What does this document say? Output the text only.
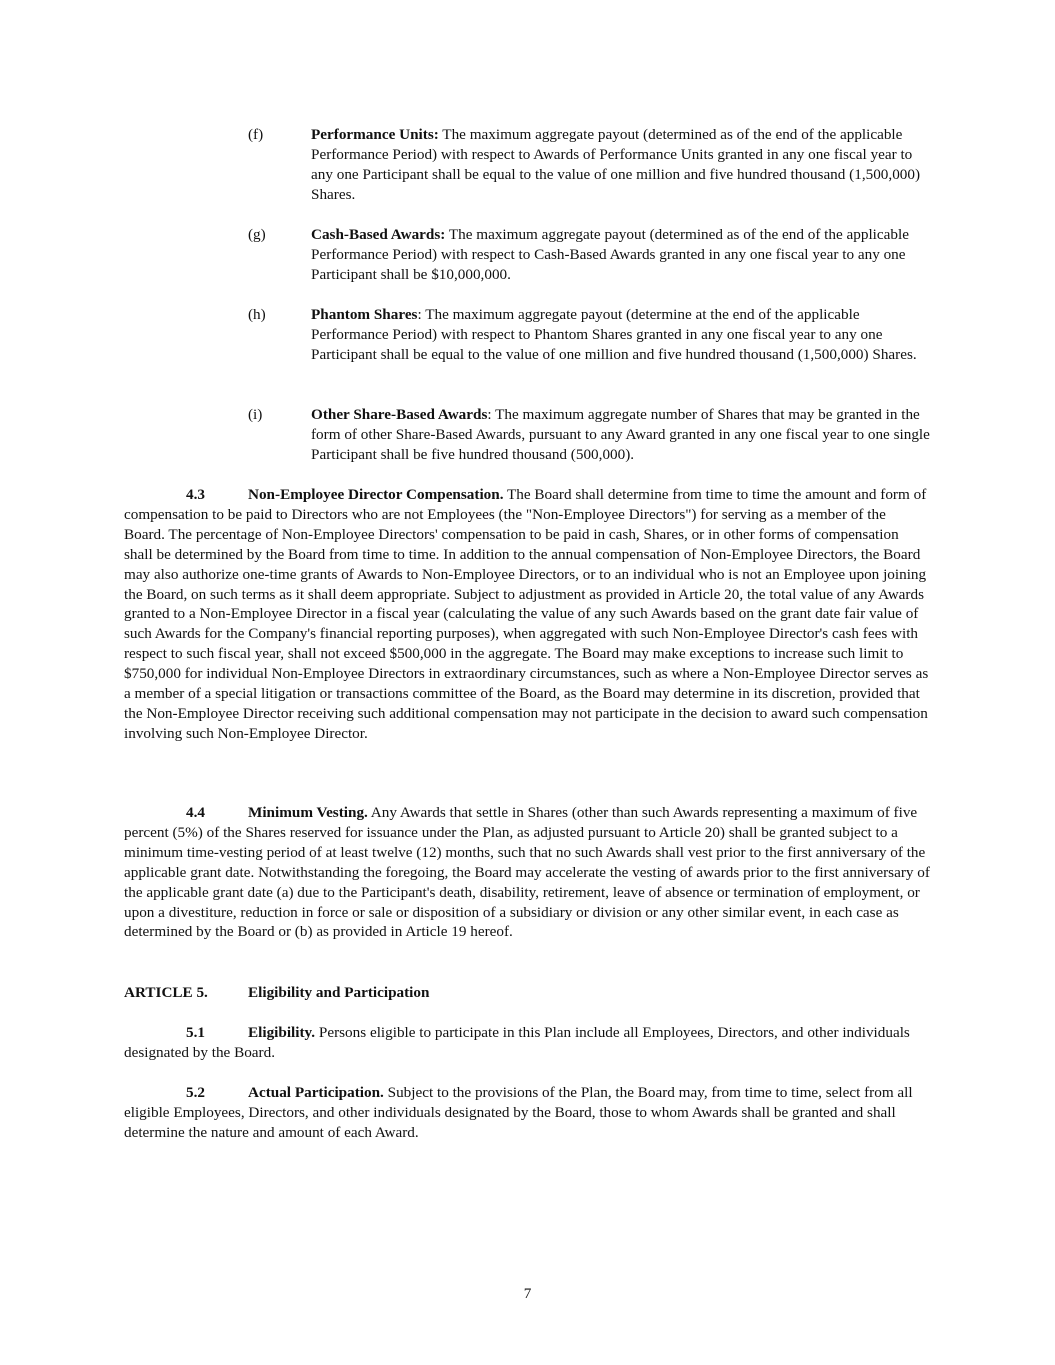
(f)	Performance Units: The maximum aggregate payout (determined as of the end of the applicable Performance Period) with respect to Awards of Performance Units granted in any one fiscal year to any one Participant shall be equal to the value of one million and five hundred thousand (1,500,000) Shares.
(g)	Cash-Based Awards: The maximum aggregate payout (determined as of the end of the applicable Performance Period) with respect to Cash-Based Awards granted in any one fiscal year to any one Participant shall be $10,000,000.
(h)	Phantom Shares: The maximum aggregate payout (determine at the end of the applicable Performance Period) with respect to Phantom Shares granted in any one fiscal year to any one Participant shall be equal to the value of one million and five hundred thousand (1,500,000) Shares.
(i)	Other Share-Based Awards: The maximum aggregate number of Shares that may be granted in the form of other Share-Based Awards, pursuant to any Award granted in any one fiscal year to one single Participant shall be five hundred thousand (500,000).

4.3	Non-Employee Director Compensation. The Board shall determine from time to time the amount and form of compensation to be paid to Directors who are not Employees (the "Non-Employee Directors") for serving as a member of the Board. The percentage of Non-Employee Directors' compensation to be paid in cash, Shares, or in other forms of compensation shall be determined by the Board from time to time. In addition to the annual compensation of Non-Employee Directors, the Board may also authorize one-time grants of Awards to Non-Employee Directors, or to an individual who is not an Employee upon joining the Board, on such terms as it shall deem appropriate. Subject to adjustment as provided in Article 20, the total value of any Awards granted to a Non-Employee Director in a fiscal year (calculating the value of any such Awards based on the grant date fair value of such Awards for the Company's financial reporting purposes), when aggregated with such Non-Employee Director's cash fees with respect to such fiscal year, shall not exceed $500,000 in the aggregate. The Board may make exceptions to increase such limit to $750,000 for individual Non-Employee Directors in extraordinary circumstances, such as where a Non-Employee Director serves as a member of a special litigation or transactions committee of the Board, as the Board may determine in its discretion, provided that the Non-Employee Director receiving such additional compensation may not participate in the decision to award such compensation involving such Non-Employee Director.

4.4	Minimum Vesting. Any Awards that settle in Shares (other than such Awards representing a maximum of five percent (5%) of the Shares reserved for issuance under the Plan, as adjusted pursuant to Article 20) shall be granted subject to a minimum time-vesting period of at least twelve (12) months, such that no such Awards shall vest prior to the first anniversary of the applicable grant date. Notwithstanding the foregoing, the Board may accelerate the vesting of awards prior to the first anniversary of the applicable grant date (a) due to the Participant's death, disability, retirement, leave of absence or termination of employment, or upon a divestiture, reduction in force or sale or disposition of a subsidiary or division or any other similar event, in each case as determined by the Board or (b) as provided in Article 19 hereof.

ARTICLE 5.	Eligibility and Participation

5.1	Eligibility. Persons eligible to participate in this Plan include all Employees, Directors, and other individuals designated by the Board.

5.2	Actual Participation. Subject to the provisions of the Plan, the Board may, from time to time, select from all eligible Employees, Directors, and other individuals designated by the Board, those to whom Awards shall be granted and shall determine the nature and amount of each Award.

7
